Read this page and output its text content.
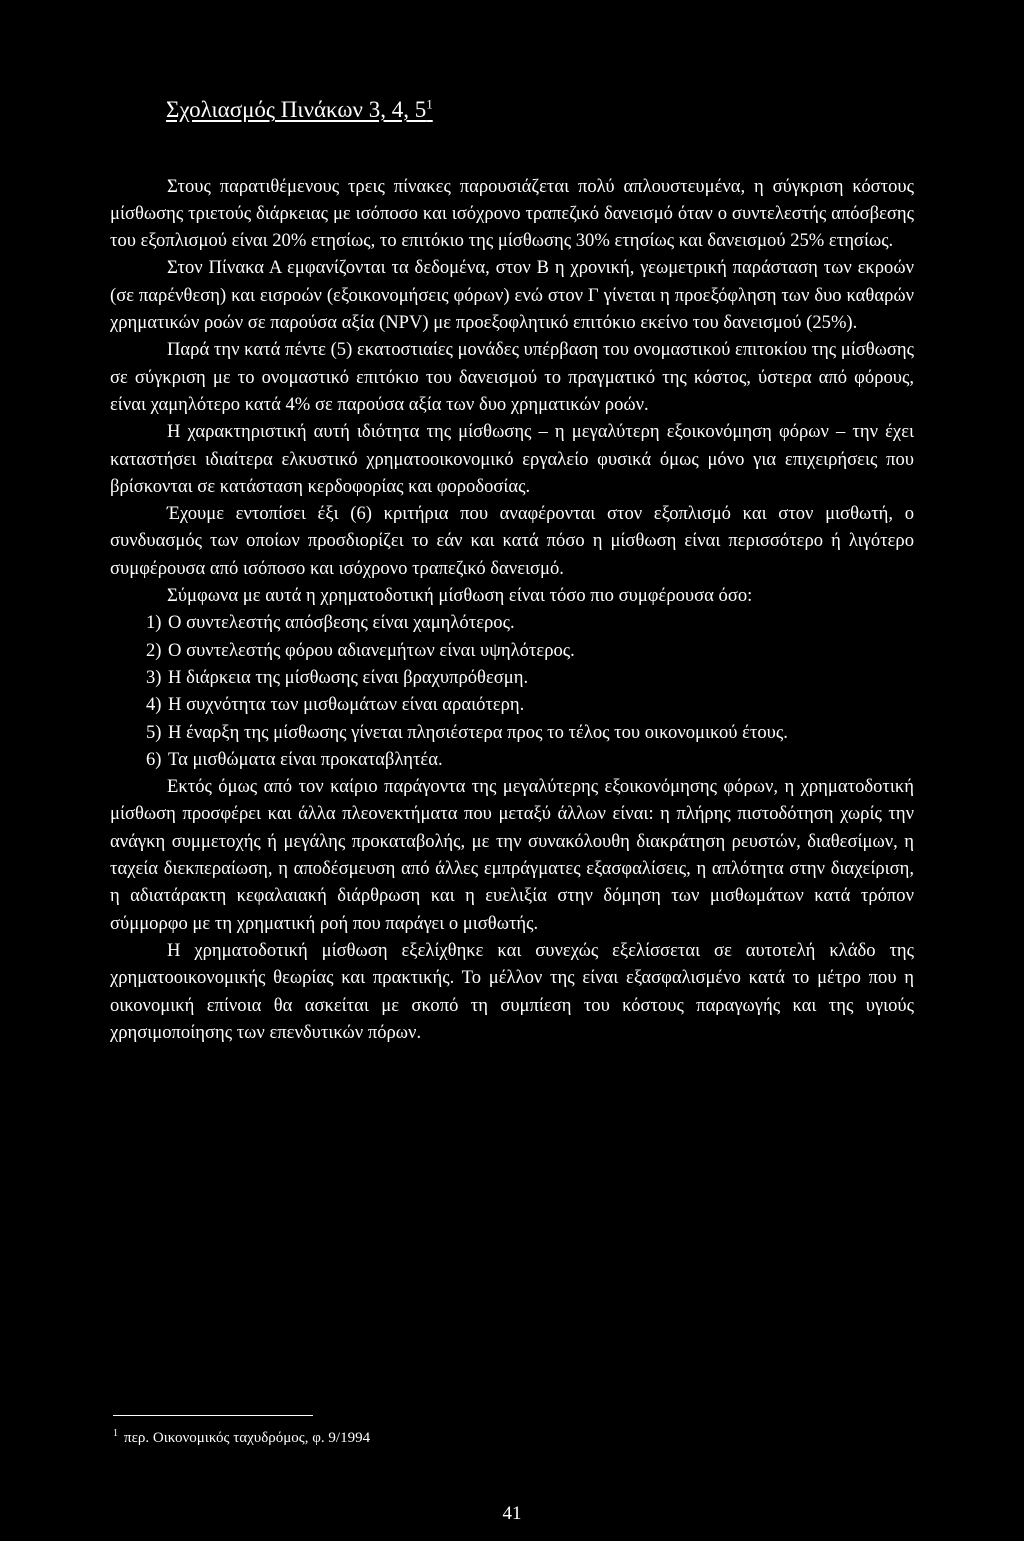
Σχολιασμός Πινάκων 3, 4, $5^1$

Στους παρατιθέμενους τρεις πίνακες παρουσιάζεται πολύ απλουστευμένα, η σύγκριση κόστους μίσθωσης τριετούς διάρκειας με ισόποσο και ισόχρονο τραπεζικό δανεισμό όταν ο συντελεστής απόσβεσης του εξοπλισμού είναι 20% ετησίως, το επιτόκιο της μίσθωσης 30% ετησίως και δανεισμού 25% ετησίως.

Στον Πίνακα Α εμφανίζονται τα δεδομένα, στον Β η χρονική, γεωμετρική παράσταση των εκροών (σε παρένθεση) και εισροών (εξοικονομήσεις φόρων) ενώ στον Γ γίνεται η προεξόφληση των δυο καθαρών χρηματικών ροών σε παρούσα αξία (NPV) με προεξοφλητικό επιτόκιο εκείνο του δανεισμού (25%).

Παρά την κατά πέντε (5) εκατοστιαίες μονάδες υπέρβαση του ονομαστικού επιτοκίου της μίσθωσης σε σύγκριση με το ονομαστικό επιτόκιο του δανεισμού το πραγματικό της κόστος, ύστερα από φόρους, είναι χαμηλότερο κατά 4% σε παρούσα αξία των δυο χρηματικών ροών.

Η χαρακτηριστική αυτή ιδιότητα της μίσθωσης – η μεγαλύτερη εξοικονόμηση φόρων – την έχει καταστήσει ιδιαίτερα ελκυστικό χρηματοοικονομικό εργαλείο φυσικά όμως μόνο για επιχειρήσεις που βρίσκονται σε κατάσταση κερδοφορίας και φοροδοσίας.

Έχουμε εντοπίσει έξι (6) κριτήρια που αναφέρονται στον εξοπλισμό και στον μισθωτή, ο συνδυασμός των οποίων προσδιορίζει το εάν και κατά πόσο η μίσθωση είναι περισσότερο ή λιγότερο συμφέρουσα από ισόποσο και ισόχρονο τραπεζικό δανεισμό.

Σύμφωνα με αυτά η χρηματοδοτική μίσθωση είναι τόσο πιο συμφέρουσα όσο:

1) Ο συντελεστής απόσβεσης είναι χαμηλότερος.
2) Ο συντελεστής φόρου αδιανεμήτων είναι υψηλότερος.
3) Η διάρκεια της μίσθωσης είναι βραχυπρόθεσμη.
4) Η συχνότητα των μισθωμάτων είναι αραιότερη.
5) Η έναρξη της μίσθωσης γίνεται πλησιέστερα προς το τέλος του οικονομικού έτους.
6) Τα μισθώματα είναι προκαταβλητέα.

Εκτός όμως από τον καίριο παράγοντα της μεγαλύτερης εξοικονόμησης φόρων, η χρηματοδοτική μίσθωση προσφέρει και άλλα πλεονεκτήματα που μεταξύ άλλων είναι: η πλήρης πιστοδότηση χωρίς την ανάγκη συμμετοχής ή μεγάλης προκαταβολής, με την συνακόλουθη διακράτηση ρευστών, διαθεσίμων, η ταχεία διεκπεραίωση, η αποδέσμευση από άλλες εμπράγματες εξασφαλίσεις, η απλότητα στην διαχείριση, η αδιατάρακτη κεφαλαιακή διάρθρωση και η ευελιξία στην δόμηση των μισθωμάτων κατά τρόπον σύμμορφο με τη χρηματική ροή που παράγει ο μισθωτής.

Η χρηματοδοτική μίσθωση εξελίχθηκε και συνεχώς εξελίσσεται σε αυτοτελή κλάδο της χρηματοοικονομικής θεωρίας και πρακτικής. Το μέλλον της είναι εξασφαλισμένο κατά το μέτρο που η οικονομική επίνοια θα ασκείται με σκοπό τη συμπίεση του κόστους παραγωγής και της υγιούς χρησιμοποίησης των επενδυτικών πόρων.

$^1$ περ. Οικονομικός ταχυδρόμος, φ. 9/1994
41
